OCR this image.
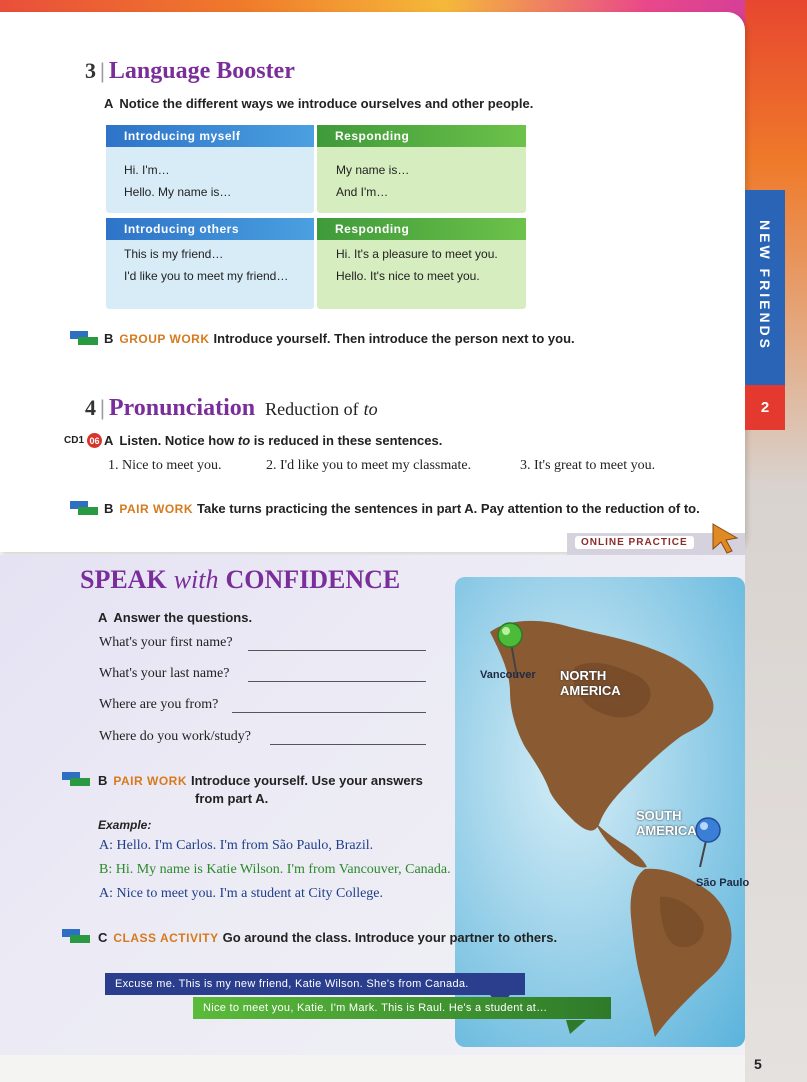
NEW FRIENDS
2
3 | Language Booster
A Notice the different ways we introduce ourselves and other people.
Introducing myself
Hi. I'm…
Hello. My name is…
Responding
My name is…
And I'm…
Introducing others
This is my friend…
I'd like you to meet my friend…
Responding
Hi. It's a pleasure to meet you.
Hello. It's nice to meet you.
B GROUP WORK Introduce yourself. Then introduce the person next to you.
4 | Pronunciation Reduction of to
CD1 06 A Listen. Notice how to is reduced in these sentences.
1. Nice to meet you.	2. I'd like you to meet my classmate.	3. It's great to meet you.
B PAIR WORK Take turns practicing the sentences in part A. Pay attention to the reduction of to.
ONLINE PRACTICE
NORTH
AMERICA
SOUTH
AMERICA
Vancouver
São Paulo
SPEAK with CONFIDENCE
A Answer the questions.
What's your first name?
What's your last name?
Where are you from?
Where do you work/study?
B PAIR WORK Introduce yourself. Use your answers
from part A.
Example:
A: Hello. I'm Carlos. I'm from São Paulo, Brazil.
B: Hi. My name is Katie Wilson. I'm from Vancouver, Canada.
A: Nice to meet you. I'm a student at City College.
C CLASS ACTIVITY Go around the class. Introduce your partner to others.
Excuse me. This is my new friend, Katie Wilson. She's from Canada.
Nice to meet you, Katie. I'm Mark. This is Raul. He's a student at…
5
